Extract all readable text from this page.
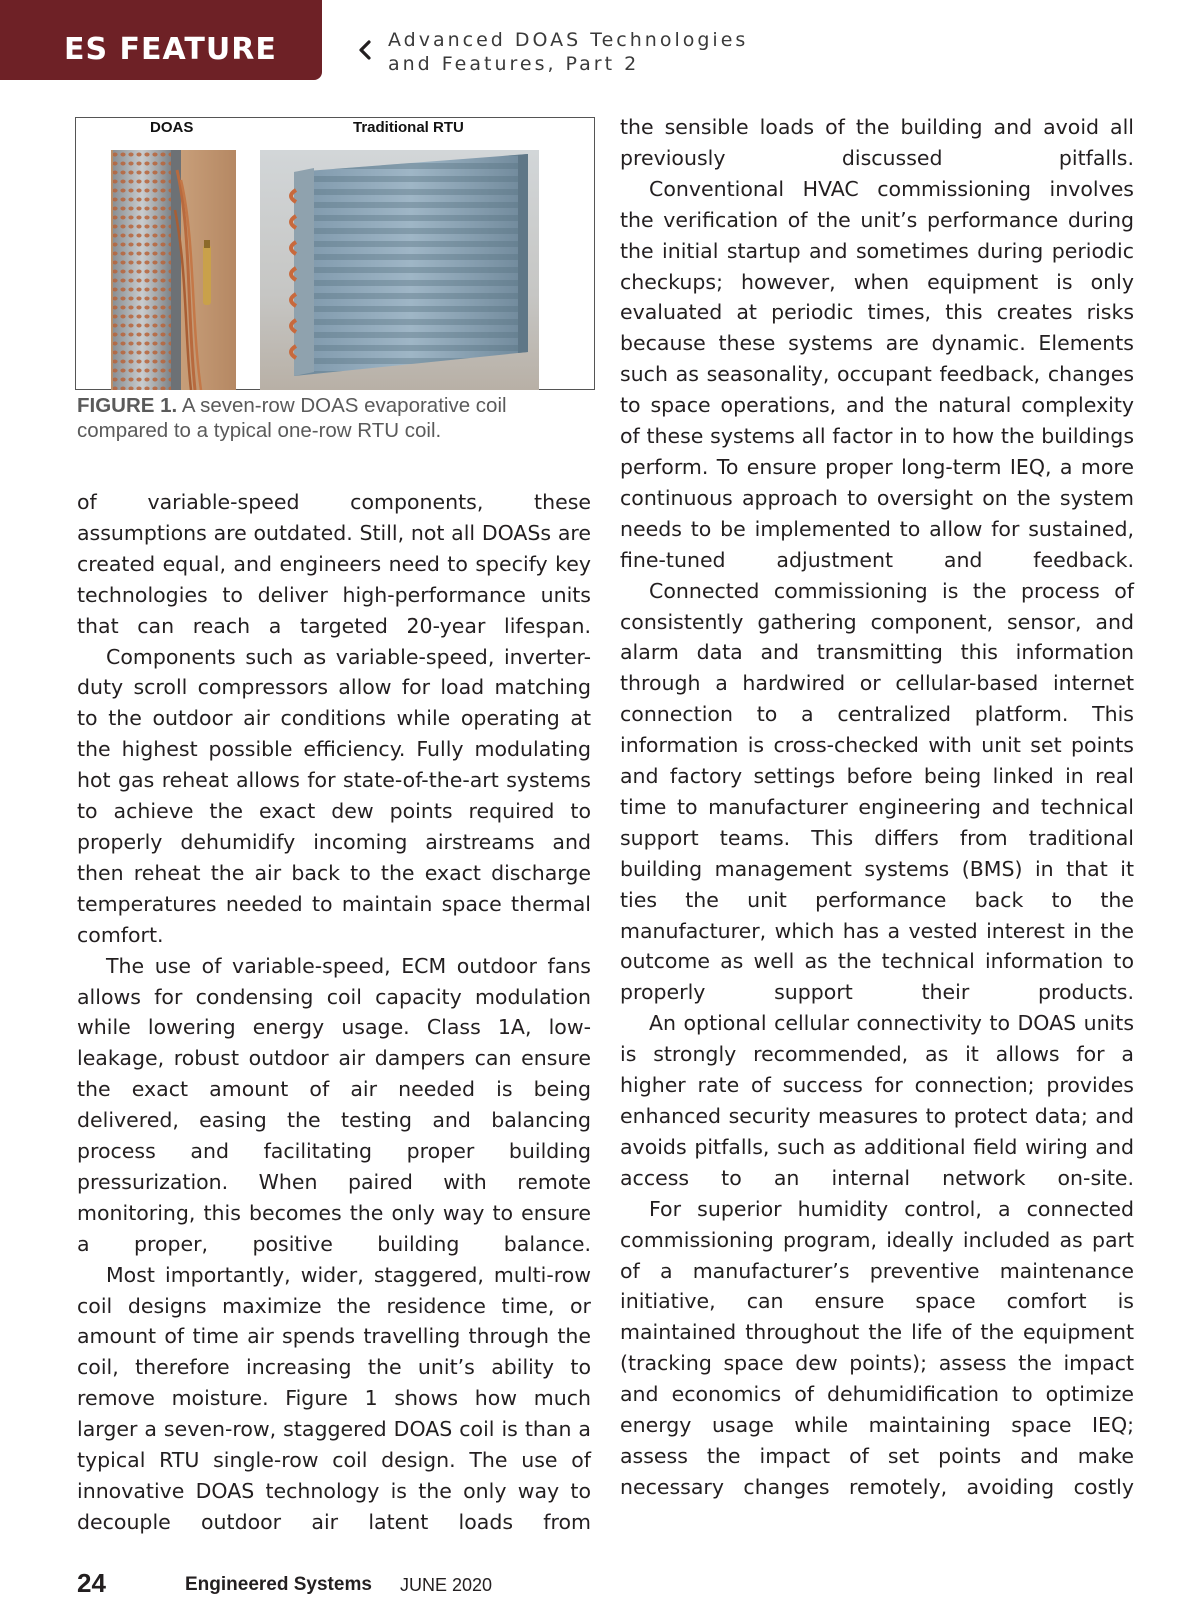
ES FEATURE	Advanced DOAS Technologies
and Features, Part 2
DOAS	Traditional RTU
FIGURE 1. A seven-row DOAS evaporative coil compared to a typical one-row RTU coil.

of variable-speed components, these assumptions are outdated. Still, not all DOASs are created equal, and engineers need to specify key technologies to deliver high-performance units that can reach a targeted 20-year lifespan.

Components such as variable-speed, inverter-duty scroll compressors allow for load matching to the outdoor air conditions while operating at the highest possible efficiency. Fully modulating hot gas reheat allows for state-of-the-art systems to achieve the exact dew points required to properly dehumidify incoming airstreams and then reheat the air back to the exact discharge temperatures needed to maintain space thermal comfort.

The use of variable-speed, ECM outdoor fans allows for condensing coil capacity modulation while lowering energy usage. Class 1A, low-leakage, robust outdoor air dampers can ensure the exact amount of air needed is being delivered, easing the testing and balancing process and facilitating proper building pressurization. When paired with remote monitoring, this becomes the only way to ensure a proper, positive building balance.

Most importantly, wider, staggered, multi-row coil designs maximize the residence time, or amount of time air spends travelling through the coil, therefore increasing the unit’s ability to remove moisture. Figure 1 shows how much larger a seven-row, staggered DOAS coil is than a typical RTU single-row coil design. The use of innovative DOAS technology is the only way to decouple outdoor air latent loads from

the sensible loads of the building and avoid all previously discussed pitfalls.

Conventional HVAC commissioning involves the verification of the unit’s performance during the initial startup and sometimes during periodic checkups; however, when equipment is only evaluated at periodic times, this creates risks because these systems are dynamic. Elements such as seasonality, occupant feedback, changes to space operations, and the natural complexity of these systems all factor in to how the buildings perform. To ensure proper long-term IEQ, a more continuous approach to oversight on the system needs to be implemented to allow for sustained, fine-tuned adjustment and feedback.

Connected commissioning is the process of consistently gathering component, sensor, and alarm data and transmitting this information through a hardwired or cellular-based internet connection to a centralized platform. This information is cross-checked with unit set points and factory settings before being linked in real time to manufacturer engineering and technical support teams. This differs from traditional building management systems (BMS) in that it ties the unit performance back to the manufacturer, which has a vested interest in the outcome as well as the technical information to properly support their products.

An optional cellular connectivity to DOAS units is strongly recommended, as it allows for a higher rate of success for connection; provides enhanced security measures to protect data; and avoids pitfalls, such as additional field wiring and access to an internal network on-site.

For superior humidity control, a connected commissioning program, ideally included as part of a manufacturer’s preventive maintenance initiative, can ensure space comfort is maintained throughout the life of the equipment (tracking space dew points); assess the impact and economics of dehumidification to optimize energy usage while maintaining space IEQ; assess the impact of set points and make necessary changes remotely, avoiding costly

24	Engineered Systems JUNE 2020
